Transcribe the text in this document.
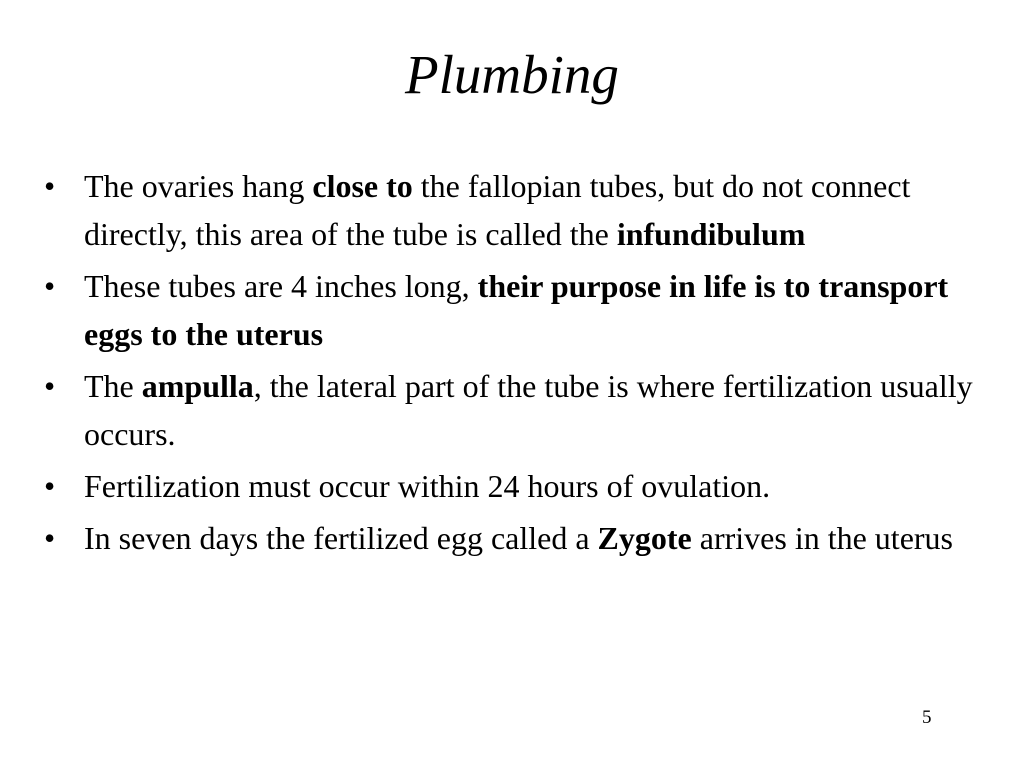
Plumbing
• The ovaries hang close to the fallopian tubes, but do not connect directly, this area of the tube is called the infundibulum
• These tubes are 4 inches long, their purpose in life is to transport eggs to the uterus
• The ampulla, the lateral part of the tube is where fertilization usually occurs.
• Fertilization must occur within 24 hours of ovulation.
• In seven days the fertilized egg called a Zygote arrives in the uterus
5
